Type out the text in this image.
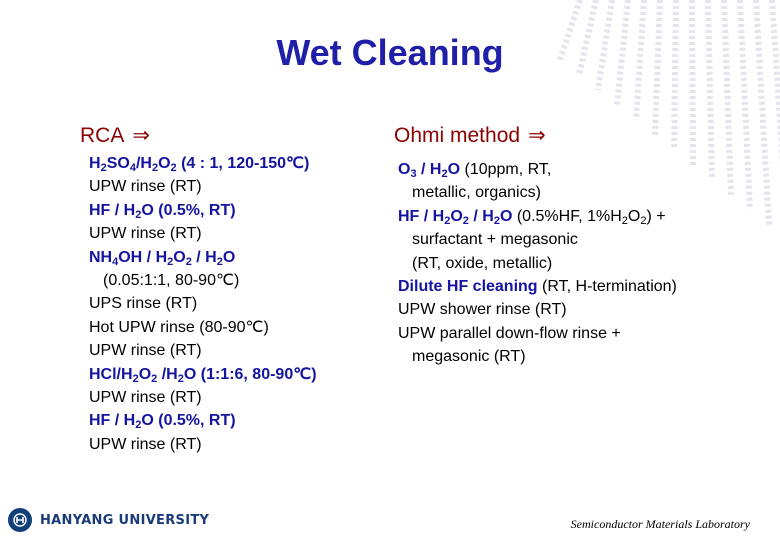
Wet Cleaning
RCA ⇒
$H_2SO_4/H_2O_2$ (4 : 1, 120-150℃)
UPW rinse (RT)
HF / $H_2O$ (0.5%, RT)
UPW rinse (RT)
$NH_4OH / H_2O_2 / H_2O$
(0.05:1:1, 80-90℃)
UPS rinse (RT)
Hot UPW rinse (80-90℃)
UPW rinse (RT)
HCl/$H_2O_2$ $/H_2O$ (1:1:6, 80-90℃)
UPW rinse (RT)
HF / $H_2O$ (0.5%, RT)
UPW rinse (RT)
Ohmi method ⇒
$O_3 / H_2O$ (10ppm, RT,
metallic, organics)
HF / $H_2O_2 / H_2O$ (0.5%HF, $1\%H_2O_2$) +
surfactant + megasonic
(RT, oxide, metallic)
Dilute HF cleaning (RT, H-termination)
UPW shower rinse (RT)
UPW parallel down-flow rinse +
megasonic (RT)
HANYANG UNIVERSITY	Semiconductor Materials Laboratory
